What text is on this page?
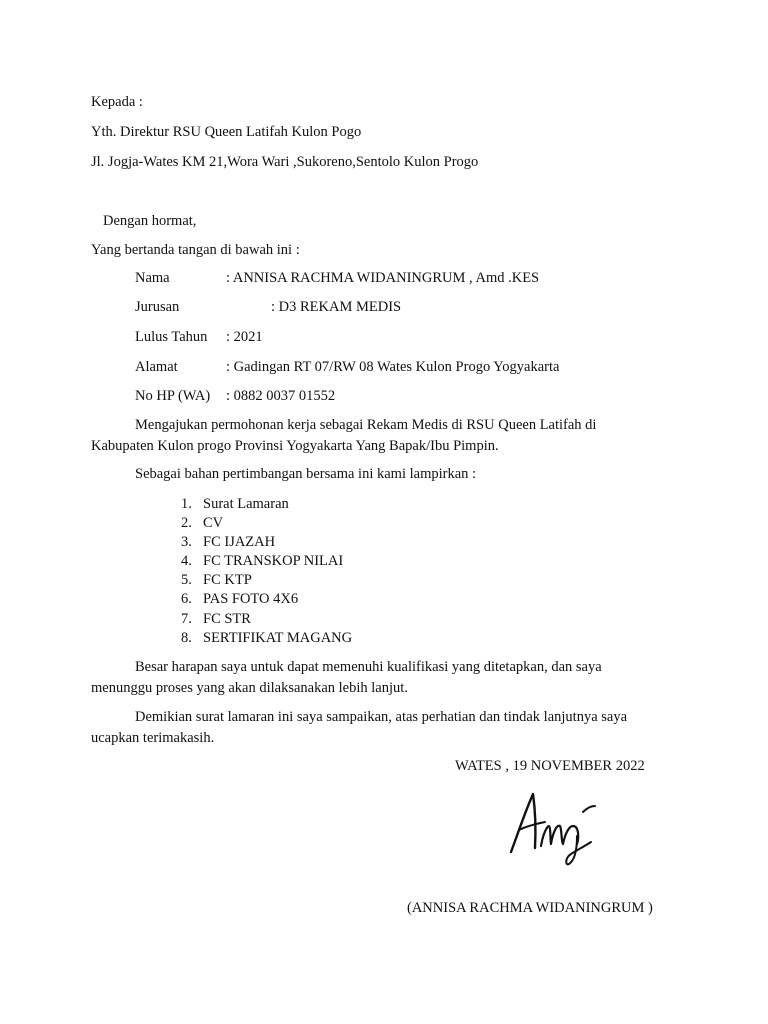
Kepada :
Yth. Direktur RSU Queen Latifah Kulon Pogo
Jl. Jogja-Wates KM 21,Wora Wari ,Sukoreno,Sentolo Kulon Progo
Dengan hormat,
Yang bertanda tangan di bawah ini :
Nama	: ANNISA RACHMA WIDANINGRUM , Amd .KES
Jurusan	: D3 REKAM MEDIS
Lulus Tahun : 2021
Alamat	: Gadingan RT 07/RW 08 Wates Kulon Progo Yogyakarta
No HP (WA) : 0882 0037 01552
Mengajukan permohonan kerja sebagai Rekam Medis di RSU Queen Latifah di
Kabupaten Kulon progo Provinsi Yogyakarta Yang Bapak/Ibu Pimpin.
Sebagai bahan pertimbangan bersama ini kami lampirkan :
1. Surat Lamaran
2. CV
3. FC IJAZAH
4. FC TRANSKOP NILAI
5. FC KTP
6. PAS FOTO 4X6
7. FC STR
8. SERTIFIKAT MAGANG
Besar harapan saya untuk dapat memenuhi kualifikasi yang ditetapkan, dan saya
menunggu proses yang akan dilaksanakan lebih lanjut.
Demikian surat lamaran ini saya sampaikan, atas perhatian dan tindak lanjutnya saya
ucapkan terimakasih.
WATES , 19 NOVEMBER 2022
(ANNISA RACHMA WIDANINGRUM )
